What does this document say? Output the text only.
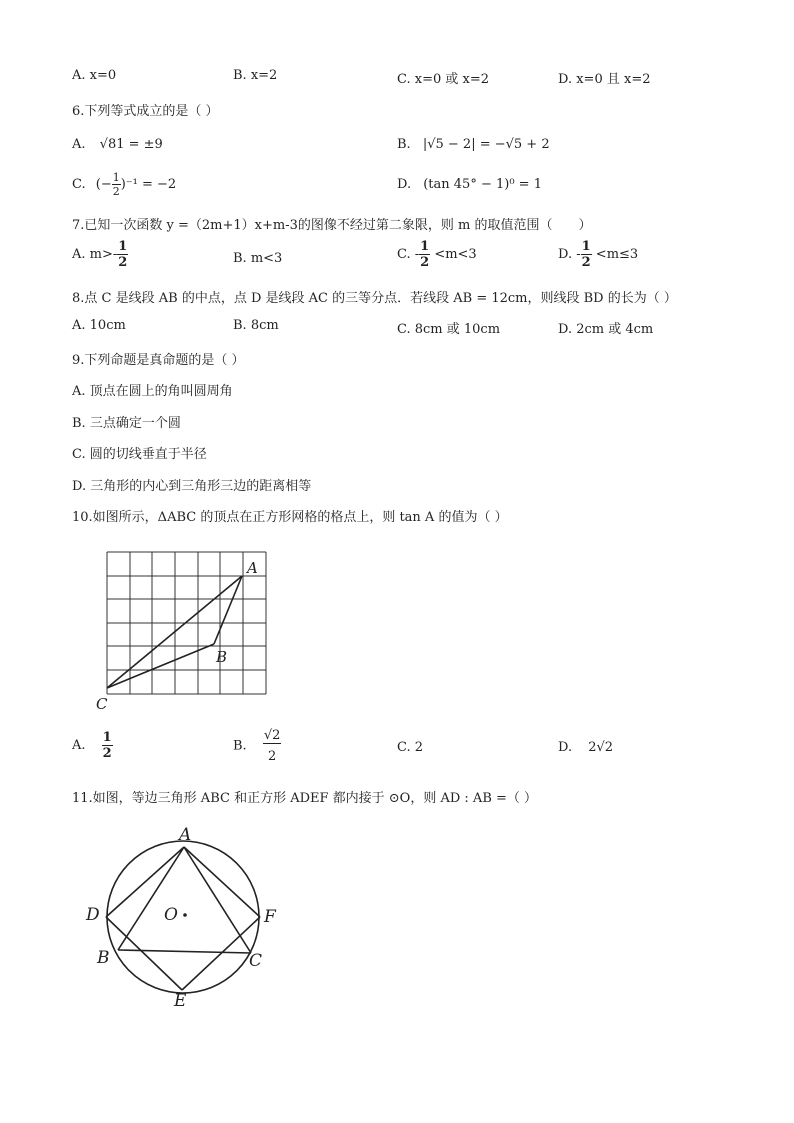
A. x=0	B. x=2	C. x=0 或 x=2	D. x=0 且 x=2
6.下列等式成立的是（ ）
A. √81 = ±9	B. |√5 − 2| = −√5 + 2
C. (− $\frac{1}{2} )^{-1} = -2$	D. (tan 45° − 1)⁰ = 1
7.已知一次函数 y =（2m+1）x+m-3的图像不经过第二象限，则 m 的取值范围（　　）
A. $m>- \frac{1}{2}$	B. m<3	C. - $\frac{1}{2} <m<3$	D. - $\frac{1}{2} <m\le 3$
8.点 C 是线段 AB 的中点，点 D 是线段 AC 的三等分点．若线段 AB = 12cm，则线段 BD 的长为（ ）
A. 10cm	B. 8cm	C. 8cm 或 10cm	D. 2cm 或 4cm
9.下列命题是真命题的是（ ）
A. 顶点在圆上的角叫圆周角
B. 三点确定一个圆
C. 圆的切线垂直于半径
D. 三角形的内心到三角形三边的距离相等
10.如图所示，ΔABC 的顶点在正方形网格的格点上，则 tan A 的值为（ ）
A
B
C
A. $\frac{1}{2}$	B. $\frac{√2}{2}$	C. 2	D. 2√2
11.如图，等边三角形 ABC 和正方形 ADEF 都内接于 ⊙O，则 AD : AB =（ ）
A
D	F
B	C
E
O
